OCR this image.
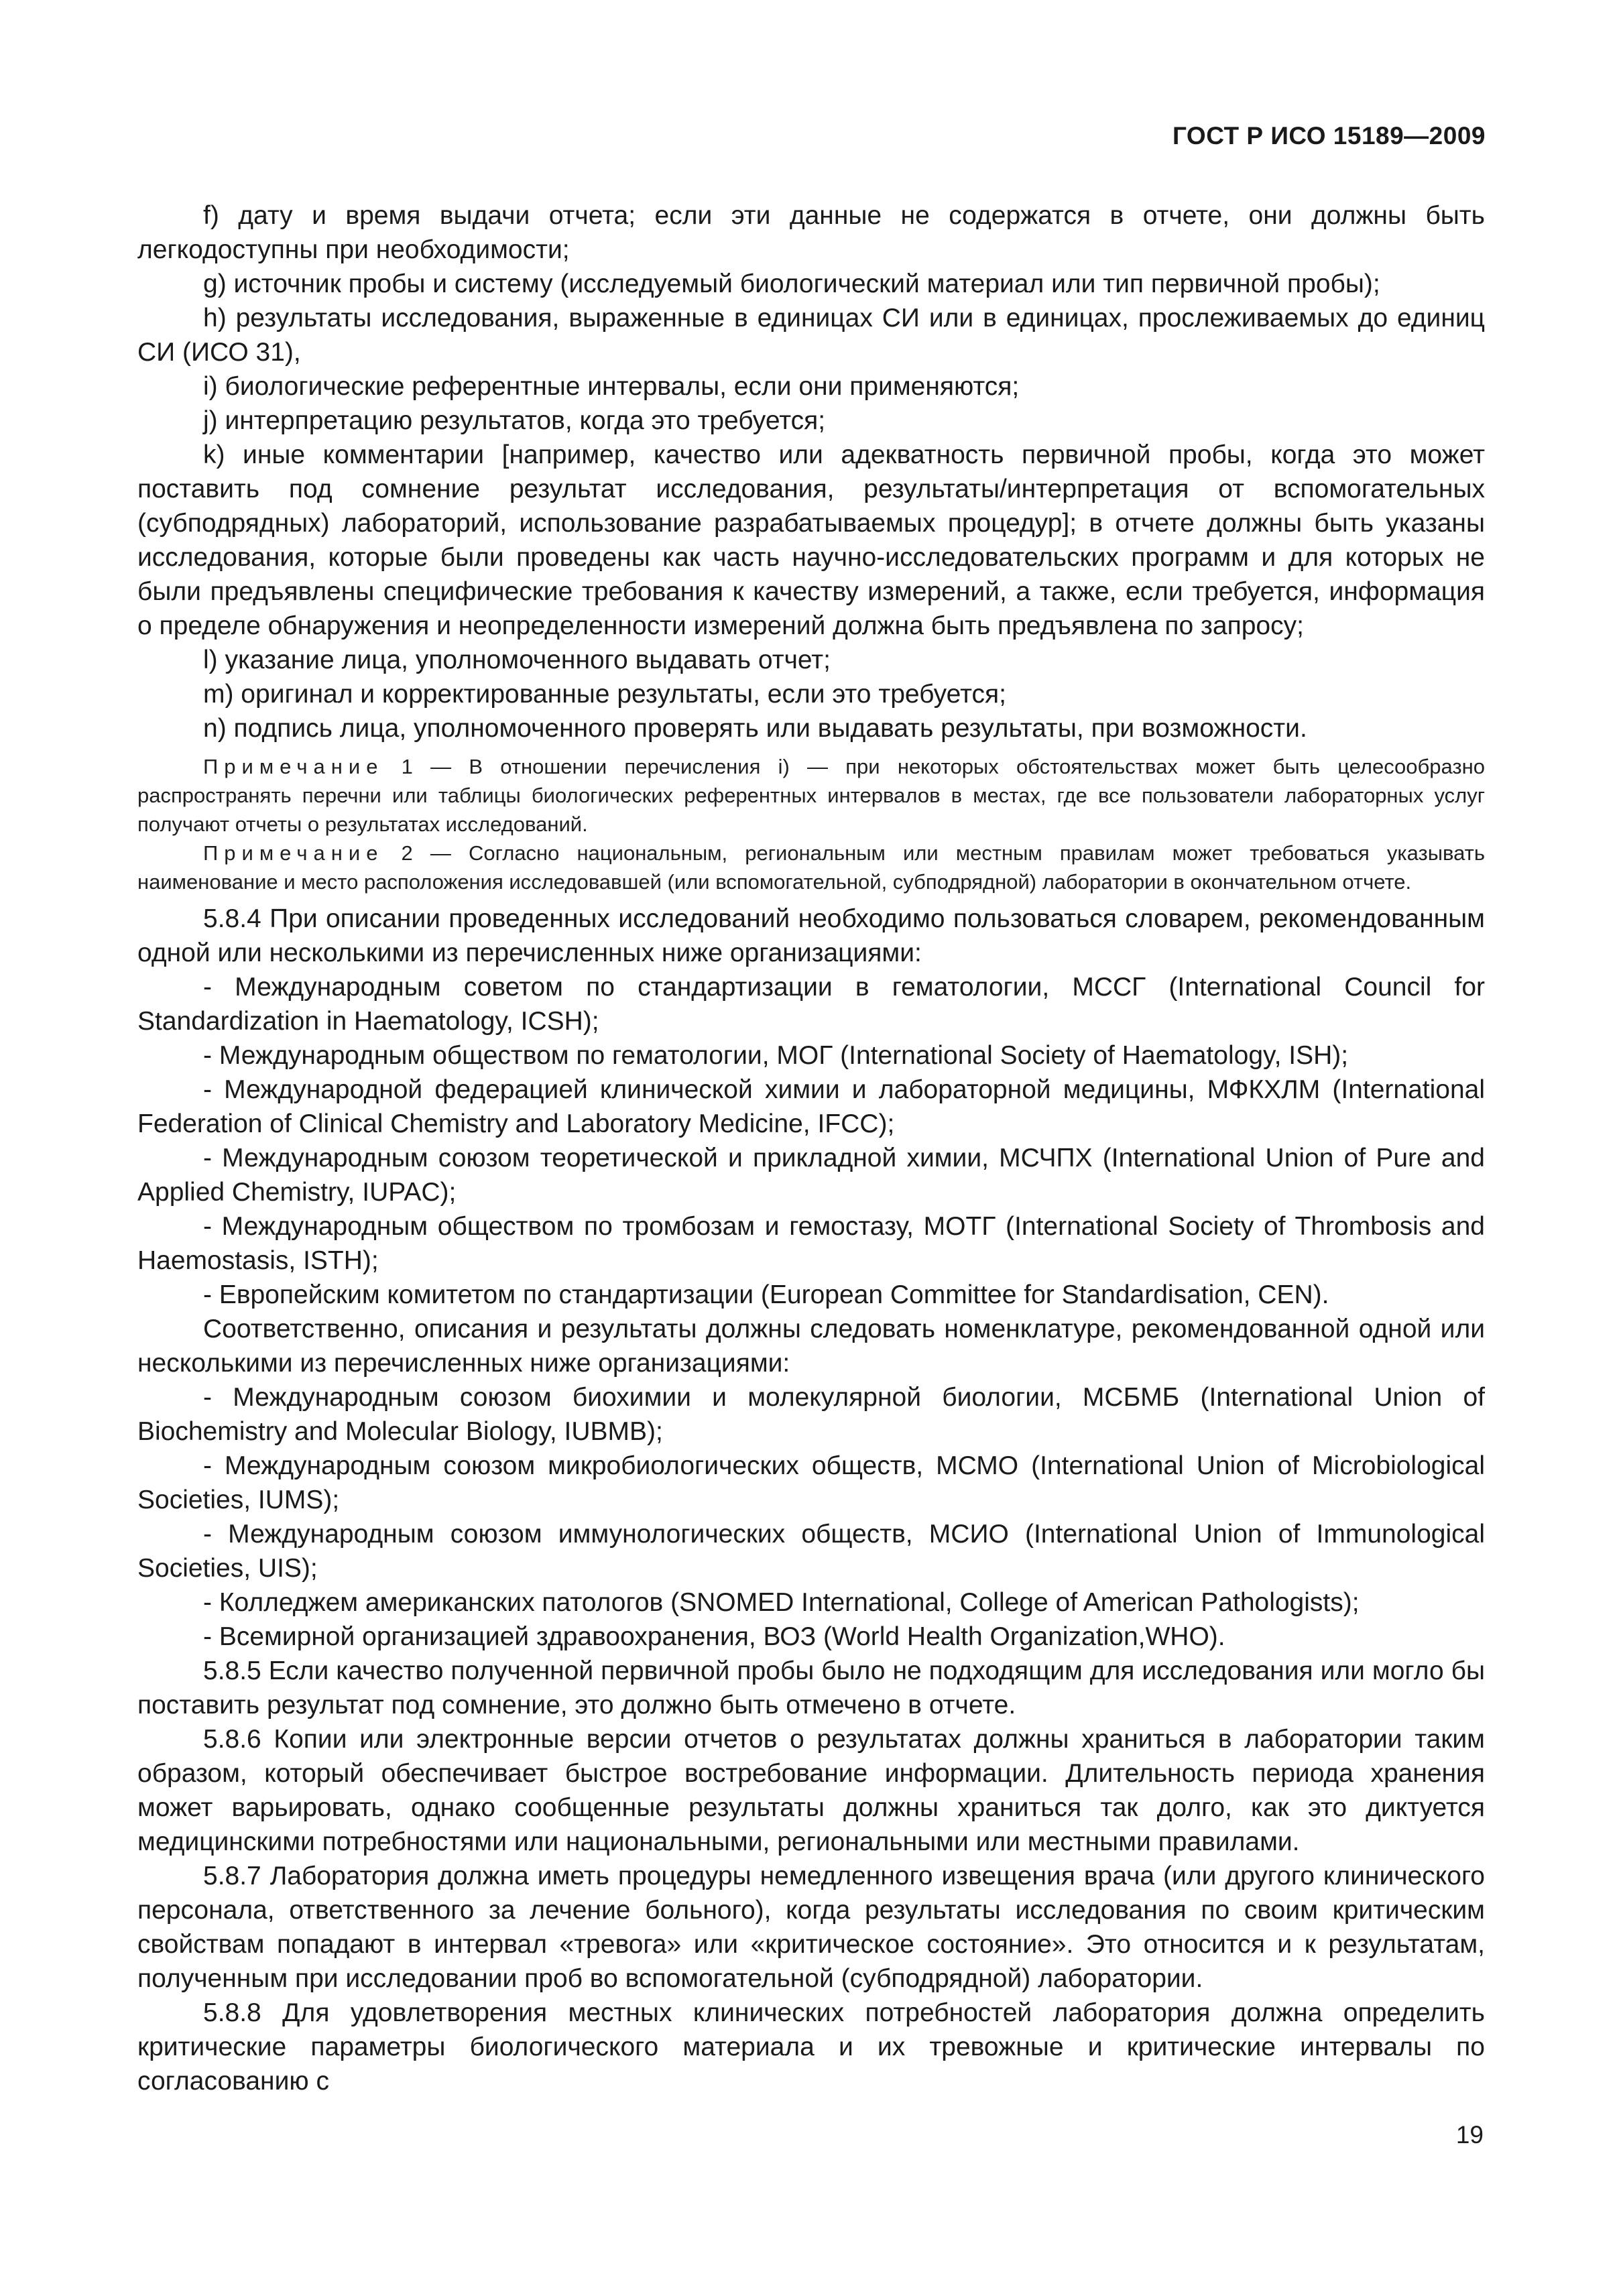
ГОСТ Р ИСО 15189—2009

f) дату и время выдачи отчета; если эти данные не содержатся в отчете, они должны быть легкодоступны при необходимости;

g) источник пробы и систему (исследуемый биологический материал или тип первичной пробы);

h) результаты исследования, выраженные в единицах СИ или в единицах, прослеживаемых до единиц СИ (ИСО 31),

i) биологические референтные интервалы, если они применяются;

j) интерпретацию результатов, когда это требуется;

k) иные комментарии [например, качество или адекватность первичной пробы, когда это может поставить под сомнение результат исследования, результаты/интерпретация от вспомогательных (субподрядных) лабораторий, использование разрабатываемых процедур]; в отчете должны быть указаны исследования, которые были проведены как часть научно-исследовательских программ и для которых не были предъявлены специфические требования к качеству измерений, а также, если требуется, информация о пределе обнаружения и неопределенности измерений должна быть предъявлена по запросу;

l) указание лица, уполномоченного выдавать отчет;

m) оригинал и корректированные результаты, если это требуется;

n) подпись лица, уполномоченного проверять или выдавать результаты, при возможности.

Примечание 1 — В отношении перечисления i) — при некоторых обстоятельствах может быть целесообразно распространять перечни или таблицы биологических референтных интервалов в местах, где все пользователи лабораторных услуг получают отчеты о результатах исследований.

Примечание 2 — Согласно национальным, региональным или местным правилам может требоваться указывать наименование и место расположения исследовавшей (или вспомогательной, субподрядной) лаборатории в окончательном отчете.

5.8.4 При описании проведенных исследований необходимо пользоваться словарем, рекомендованным одной или несколькими из перечисленных ниже организациями:

- Международным советом по стандартизации в гематологии, МССГ (International Council for Standardization in Haematology, ICSH);

- Международным обществом по гематологии, МОГ (International Society of Haematology, ISH);

- Международной федерацией клинической химии и лабораторной медицины, МФКХЛМ (International Federation of Clinical Chemistry and Laboratory Medicine, IFCC);

- Международным союзом теоретической и прикладной химии, МСЧПХ (International Union of Pure and Applied Chemistry, IUPAC);

- Международным обществом по тромбозам и гемостазу, МОТГ (International Society of Thrombosis and Haemostasis, ISTH);

- Европейским комитетом по стандартизации (European Committee for Standardisation, CEN).

Соответственно, описания и результаты должны следовать номенклатуре, рекомендованной одной или несколькими из перечисленных ниже организациями:

- Международным союзом биохимии и молекулярной биологии, МСБМБ (International Union of Biochemistry and Molecular Biology, IUBMB);

- Международным союзом микробиологических обществ, МСМО (International Union of Microbiological Societies, IUMS);

- Международным союзом иммунологических обществ, МСИО (International Union of Immunological Societies, UIS);

- Колледжем американских патологов (SNOMED International, College of American Pathologists);

- Всемирной организацией здравоохранения, ВОЗ (World Health Organization,WHO).

5.8.5 Если качество полученной первичной пробы было не подходящим для исследования или могло бы поставить результат под сомнение, это должно быть отмечено в отчете.

5.8.6 Копии или электронные версии отчетов о результатах должны храниться в лаборатории таким образом, который обеспечивает быстрое востребование информации. Длительность периода хранения может варьировать, однако сообщенные результаты должны храниться так долго, как это диктуется медицинскими потребностями или национальными, региональными или местными правилами.

5.8.7 Лаборатория должна иметь процедуры немедленного извещения врача (или другого клинического персонала, ответственного за лечение больного), когда результаты исследования по своим критическим свойствам попадают в интервал «тревога» или «критическое состояние». Это относится и к результатам, полученным при исследовании проб во вспомогательной (субподрядной) лаборатории.

5.8.8 Для удовлетворения местных клинических потребностей лаборатория должна определить критические параметры биологического материала и их тревожные и критические интервалы по согласованию с

19
